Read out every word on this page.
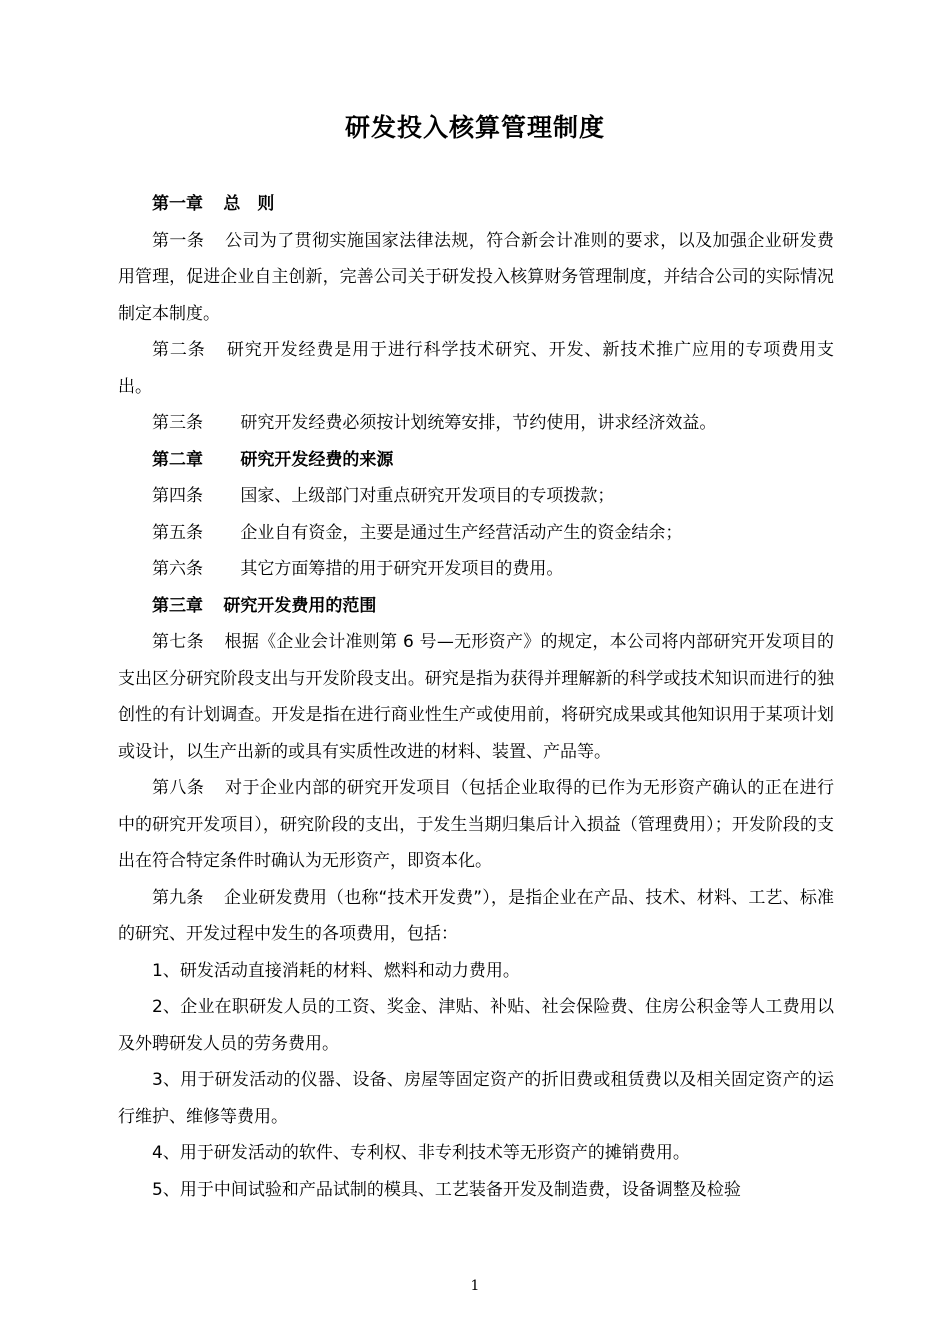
研发投入核算管理制度

第一章 总　则

第一条 公司为了贯彻实施国家法律法规，符合新会计准则的要求，以及加强企业研发费用管理，促进企业自主创新，完善公司关于研发投入核算财务管理制度，并结合公司的实际情况制定本制度。

第二条 研究开发经费是用于进行科学技术研究、开发、新技术推广应用的专项费用支出。

第三条 研究开发经费必须按计划统筹安排，节约使用，讲求经济效益。

第二章 研究开发经费的来源

第四条 国家、上级部门对重点研究开发项目的专项拨款；

第五条 企业自有资金，主要是通过生产经营活动产生的资金结余；

第六条 其它方面筹措的用于研究开发项目的费用。

第三章 研究开发费用的范围

第七条 根据《企业会计准则第 6 号—无形资产》的规定，本公司将内部研究开发项目的支出区分研究阶段支出与开发阶段支出。研究是指为获得并理解新的科学或技术知识而进行的独创性的有计划调查。开发是指在进行商业性生产或使用前，将研究成果或其他知识用于某项计划或设计，以生产出新的或具有实质性改进的材料、装置、产品等。

第八条 对于企业内部的研究开发项目（包括企业取得的已作为无形资产确认的正在进行中的研究开发项目），研究阶段的支出，于发生当期归集后计入损益（管理费用）；开发阶段的支出在符合特定条件时确认为无形资产，即资本化。

第九条 企业研发费用（也称“技术开发费”），是指企业在产品、技术、材料、工艺、标准的研究、开发过程中发生的各项费用，包括：

1、研发活动直接消耗的材料、燃料和动力费用。

2、企业在职研发人员的工资、奖金、津贴、补贴、社会保险费、住房公积金等人工费用以及外聘研发人员的劳务费用。

3、用于研发活动的仪器、设备、房屋等固定资产的折旧费或租赁费以及相关固定资产的运行维护、维修等费用。

4、用于研发活动的软件、专利权、非专利技术等无形资产的摊销费用。

5、用于中间试验和产品试制的模具、工艺装备开发及制造费，设备调整及检验

1
